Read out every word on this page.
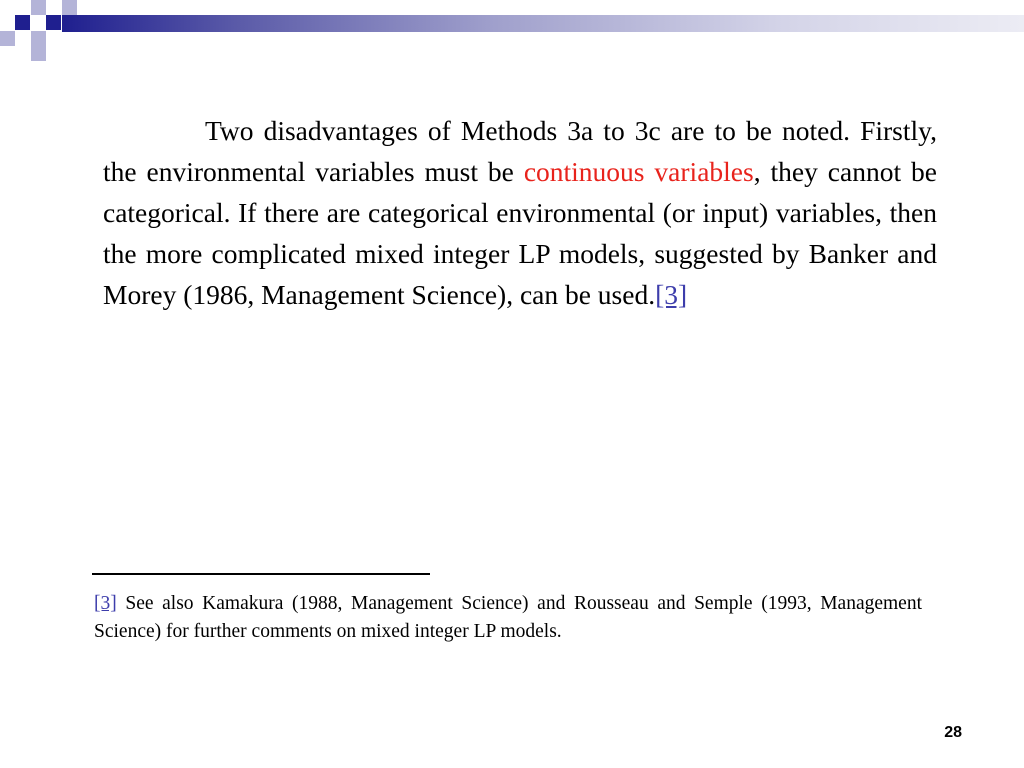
Two disadvantages of Methods 3a to 3c are to be noted. Firstly, the environmental variables must be continuous variables, they cannot be categorical. If there are categorical environmental (or input) variables, then the more complicated mixed integer LP models, suggested by Banker and Morey (1986, Management Science), can be used.[3]

[3] See also Kamakura (1988, Management Science) and Rousseau and Semple (1993, Management Science) for further comments on mixed integer LP models.

28
